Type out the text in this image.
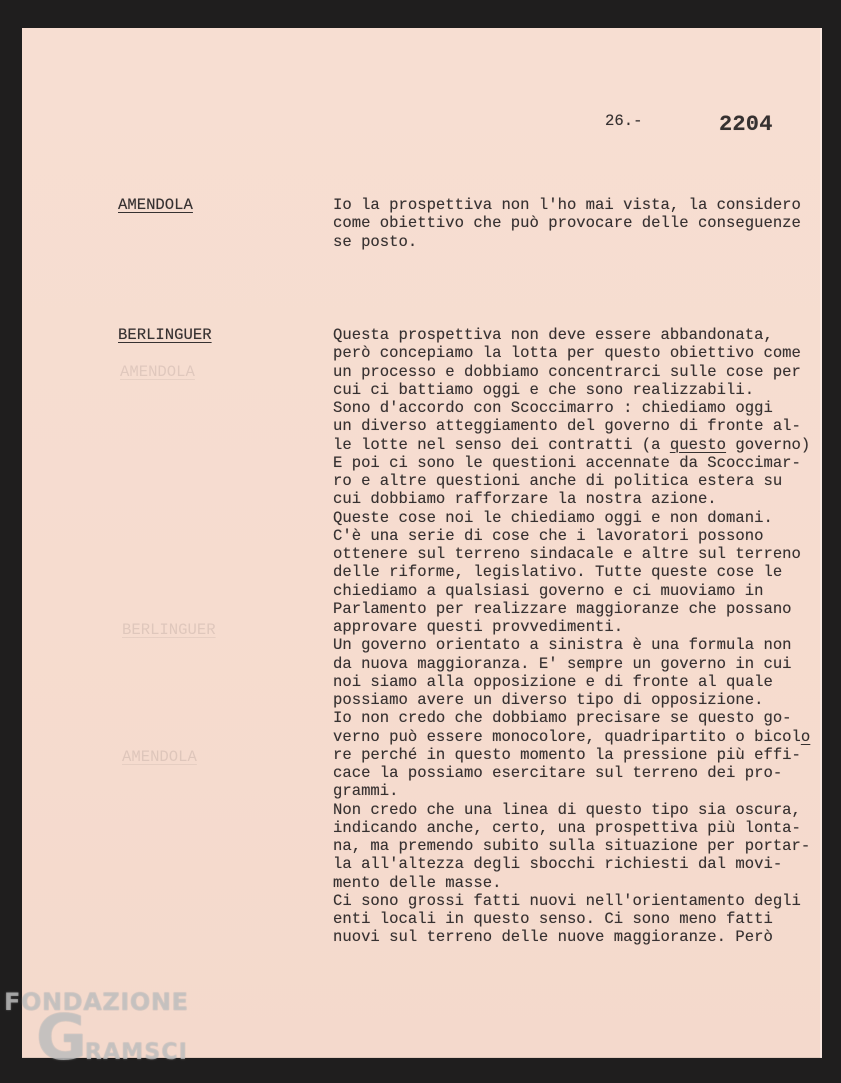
26.-	2204
AMENDOLA
BERLINGUER
AMENDOLA
AMENDOLA	Io la prospettiva non l'ho mai vista, la considero
come obiettivo che può provocare delle conseguenze
se posto.
BERLINGUER	Questa prospettiva non deve essere abbandonata,
però concepiamo la lotta per questo obiettivo come
un processo e dobbiamo concentrarci sulle cose per
cui ci battiamo oggi e che sono realizzabili.
Sono d'accordo con Scoccimarro : chiediamo oggi
un diverso atteggiamento del governo di fronte al-
le lotte nel senso dei contratti (a questo governo)
E poi ci sono le questioni accennate da Scoccimar-
ro e altre questioni anche di politica estera su
cui dobbiamo rafforzare la nostra azione.
Queste cose noi le chiediamo oggi e non domani.
C'è una serie di cose che i lavoratori possono
ottenere sul terreno sindacale e altre sul terreno
delle riforme, legislativo. Tutte queste cose le
chiediamo a qualsiasi governo e ci muoviamo in
Parlamento per realizzare maggioranze che possano
approvare questi provvedimenti.
Un governo orientato a sinistra è una formula non
da nuova maggioranza. E' sempre un governo in cui
noi siamo alla opposizione e di fronte al quale
possiamo avere un diverso tipo di opposizione.
Io non credo che dobbiamo precisare se questo go-
verno può essere monocolore, quadripartito o bicolo
re perché in questo momento la pressione più effi-
cace la possiamo esercitare sul terreno dei pro-
grammi.
Non credo che una linea di questo tipo sia oscura,
indicando anche, certo, una prospettiva più lonta-
na, ma premendo subito sulla situazione per portar-
la all'altezza degli sbocchi richiesti dal movi-
mento delle masse.
Ci sono grossi fatti nuovi nell'orientamento degli
enti locali in questo senso. Ci sono meno fatti
nuovi sul terreno delle nuove maggioranze. Però
FONDAZIONE
GRAMSCI
